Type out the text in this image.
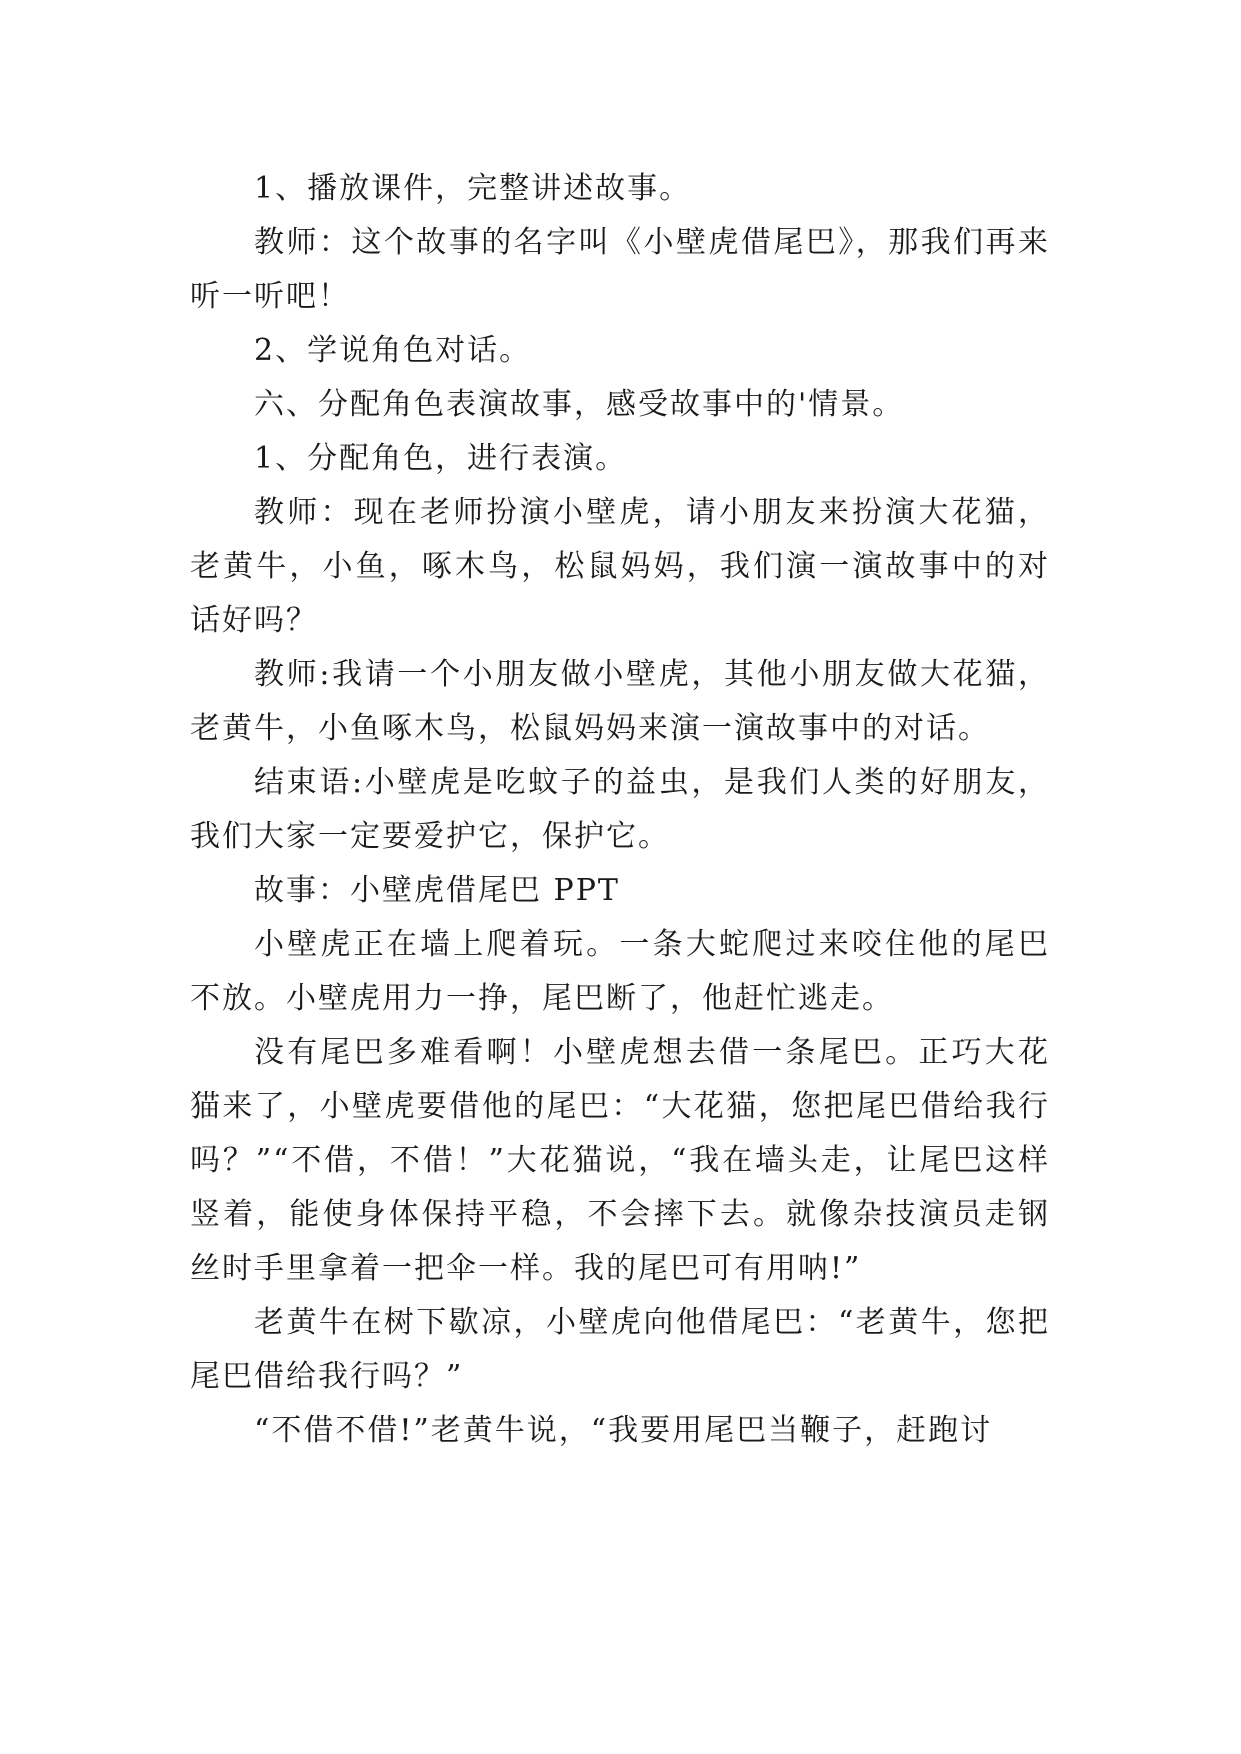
1、播放课件，完整讲述故事。

教师：这个故事的名字叫《小壁虎借尾巴》，那我们再来听一听吧！

2、学说角色对话。

六、分配角色表演故事，感受故事中的'情景。

1、分配角色，进行表演。

教师：现在老师扮演小壁虎，请小朋友来扮演大花猫，老黄牛，小鱼，啄木鸟，松鼠妈妈，我们演一演故事中的对话好吗？

教师:我请一个小朋友做小壁虎，其他小朋友做大花猫，老黄牛，小鱼啄木鸟，松鼠妈妈来演一演故事中的对话。

结束语:小壁虎是吃蚊子的益虫，是我们人类的好朋友，我们大家一定要爱护它，保护它。

故事：小壁虎借尾巴 PPT

小壁虎正在墙上爬着玩。一条大蛇爬过来咬住他的尾巴不放。小壁虎用力一挣，尾巴断了，他赶忙逃走。

没有尾巴多难看啊！小壁虎想去借一条尾巴。正巧大花猫来了，小壁虎要借他的尾巴：“大花猫，您把尾巴借给我行吗？”“不借，不借！”大花猫说，“我在墙头走，让尾巴这样竖着，能使身体保持平稳，不会摔下去。就像杂技演员走钢丝时手里拿着一把伞一样。我的尾巴可有用呐!”

老黄牛在树下歇凉，小壁虎向他借尾巴：“老黄牛，您把尾巴借给我行吗？”

“不借不借!”老黄牛说，“我要用尾巴当鞭子，赶跑讨
